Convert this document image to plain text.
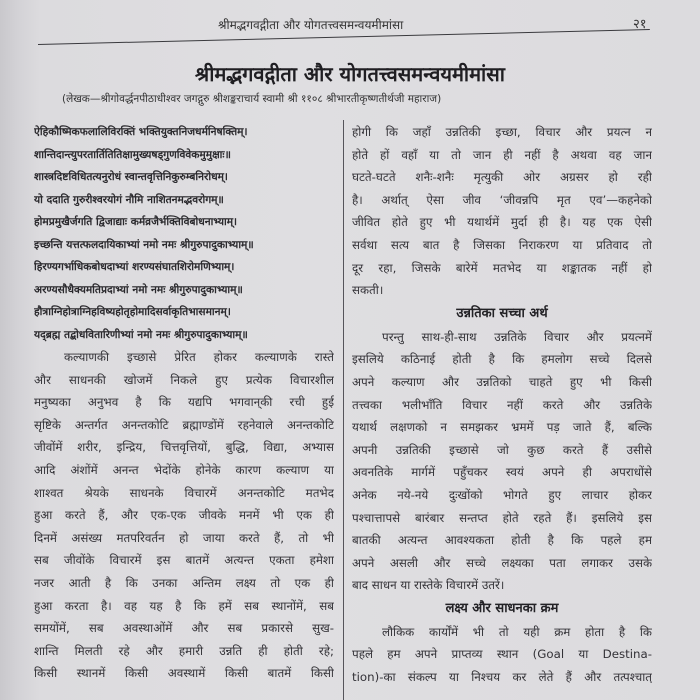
श्रीमद्भगवद्गीता और योगतत्त्वसमन्वयमीमांसा	२१
श्रीमद्भगवद्गीता और योगतत्त्वसमन्वयमीमांसा
(लेखक—श्रीगोवर्द्धनपीठाधीश्वर जगद्गुरु श्रीशङ्कराचार्य स्वामी श्री ११०८ श्रीभारतीकृष्णतीर्थजी महाराज)
ऐहिकौष्मिकफलालिविरक्तिं भक्तियुक्तनिजधर्मनिषक्तिम्।
शान्तिदान्त्युपरतार्तितितिक्षामुख्यषड्गुणविवेकमुमुक्षाः॥
शास्त्रदिष्टविधितत्यनुरोधं स्वान्तवृत्तिनिकुरुम्बनिरोधम्।
यो ददाति गुरुरीश्वरयोगं नौमि नाशितनमद्भवरोगम्॥
होमप्रमुखैर्जगति द्विजाद्याः कर्मव्रजैर्भक्तिविबोधनाभ्याम्।
इच्छन्ति यत्तत्फलदायिकाभ्यां नमो नमः श्रीगुरुपादुकाभ्याम्॥
हिरण्यगर्भाधिकबोधदाभ्यां शरण्यसंघातशिरोमणिभ्याम्।
अरण्यसौधैक्यमतिप्रदाभ्यां नमो नमः श्रीगुरुपादुकाभ्याम्॥
हौत्राग्निहोत्राग्निहविष्यहोतृहोमादिसर्वाकृतिभासमानम्।
यद्ब्रह्म तद्बोधवितारिणीभ्यां नमो नमः श्रीगुरुपादुकाभ्याम्॥
कल्याणकी इच्छासे प्रेरित होकर कल्याणके रास्ते
और साधनकी खोजमें निकले हुए प्रत्येक विचारशील
मनुष्यका अनुभव है कि यद्यपि भगवान्‌की रची हुई
सृष्टिके अन्तर्गत अनन्तकोटि ब्रह्माण्डोंमें रहनेवाले अनन्तकोटि
जीवोंमें शरीर, इन्द्रिय, चित्तवृत्तियों, बुद्धि, विद्या, अभ्यास
आदि अंशोंमें अनन्त भेदोंके होनेके कारण कल्याण या
शाश्वत श्रेयके साधनके विचारमें अनन्तकोटि मतभेद
हुआ करते हैं, और एक-एक जीवके मनमें भी एक ही
दिनमें असंख्य मतपरिवर्तन हो जाया करते हैं, तो भी
सब जीवोंके विचारमें इस बातमें अत्यन्त एकता हमेशा
नजर आती है कि उनका अन्तिम लक्ष्य तो एक ही
हुआ करता है। वह यह है कि हमें सब स्थानोंमें, सब
समयोंमें, सब अवस्थाओंमें और सब प्रकारसे सुख-
शान्ति मिलती रहे और हमारी उन्नति ही होती रहे;
किसी स्थानमें किसी अवस्थामें किसी बातमें किसी
होगी कि जहाँ उन्नतिकी इच्छा, विचार और प्रयत्न न
होते हों वहाँ या तो जान ही नहीं है अथवा वह जान
घटते-घटते शनैः-शनैः मृत्युकी ओर अग्रसर हो रही
है। अर्थात् ऐसा जीव ‘जीवन्नपि मृत एव’—कहनेको
जीवित होते हुए भी यथार्थमें मुर्दा ही है। यह एक ऐसी
सर्वथा सत्य बात है जिसका निराकरण या प्रतिवाद तो
दूर रहा, जिसके बारेमें मतभेद या शङ्कातक नहीं हो
सकती।
उन्नतिका सच्चा अर्थ
परन्तु साथ-ही-साथ उन्नतिके विचार और प्रयत्नमें
इसलिये कठिनाई होती है कि हमलोग सच्चे दिलसे
अपने कल्याण और उन्नतिको चाहते हुए भी किसी
तत्त्वका भलीभाँति विचार नहीं करते और उन्नतिके
यथार्थ लक्षणको न समझकर भ्रममें पड़ जाते हैं, बल्कि
अपनी उन्नतिकी इच्छासे जो कुछ करते हैं उसीसे
अवनतिके मार्गमें पहुँचकर स्वयं अपने ही अपराधोंसे
अनेक नये-नये दुःखोंको भोगते हुए लाचार होकर
पश्चात्तापसे बारंबार सन्तप्त होते रहते हैं। इसलिये इस
बातकी अत्यन्त आवश्यकता होती है कि पहले हम
अपने असली और सच्चे लक्ष्यका पता लगाकर उसके
बाद साधन या रास्तेके विचारमें उतरें।
लक्ष्य और साधनका क्रम
लौकिक कार्योंमें भी तो यही क्रम होता है कि
पहले हम अपने प्राप्तव्य स्थान (Goal या Destina-
tion)-का संकल्प या निश्चय कर लेते हैं और तत्पश्चात्
